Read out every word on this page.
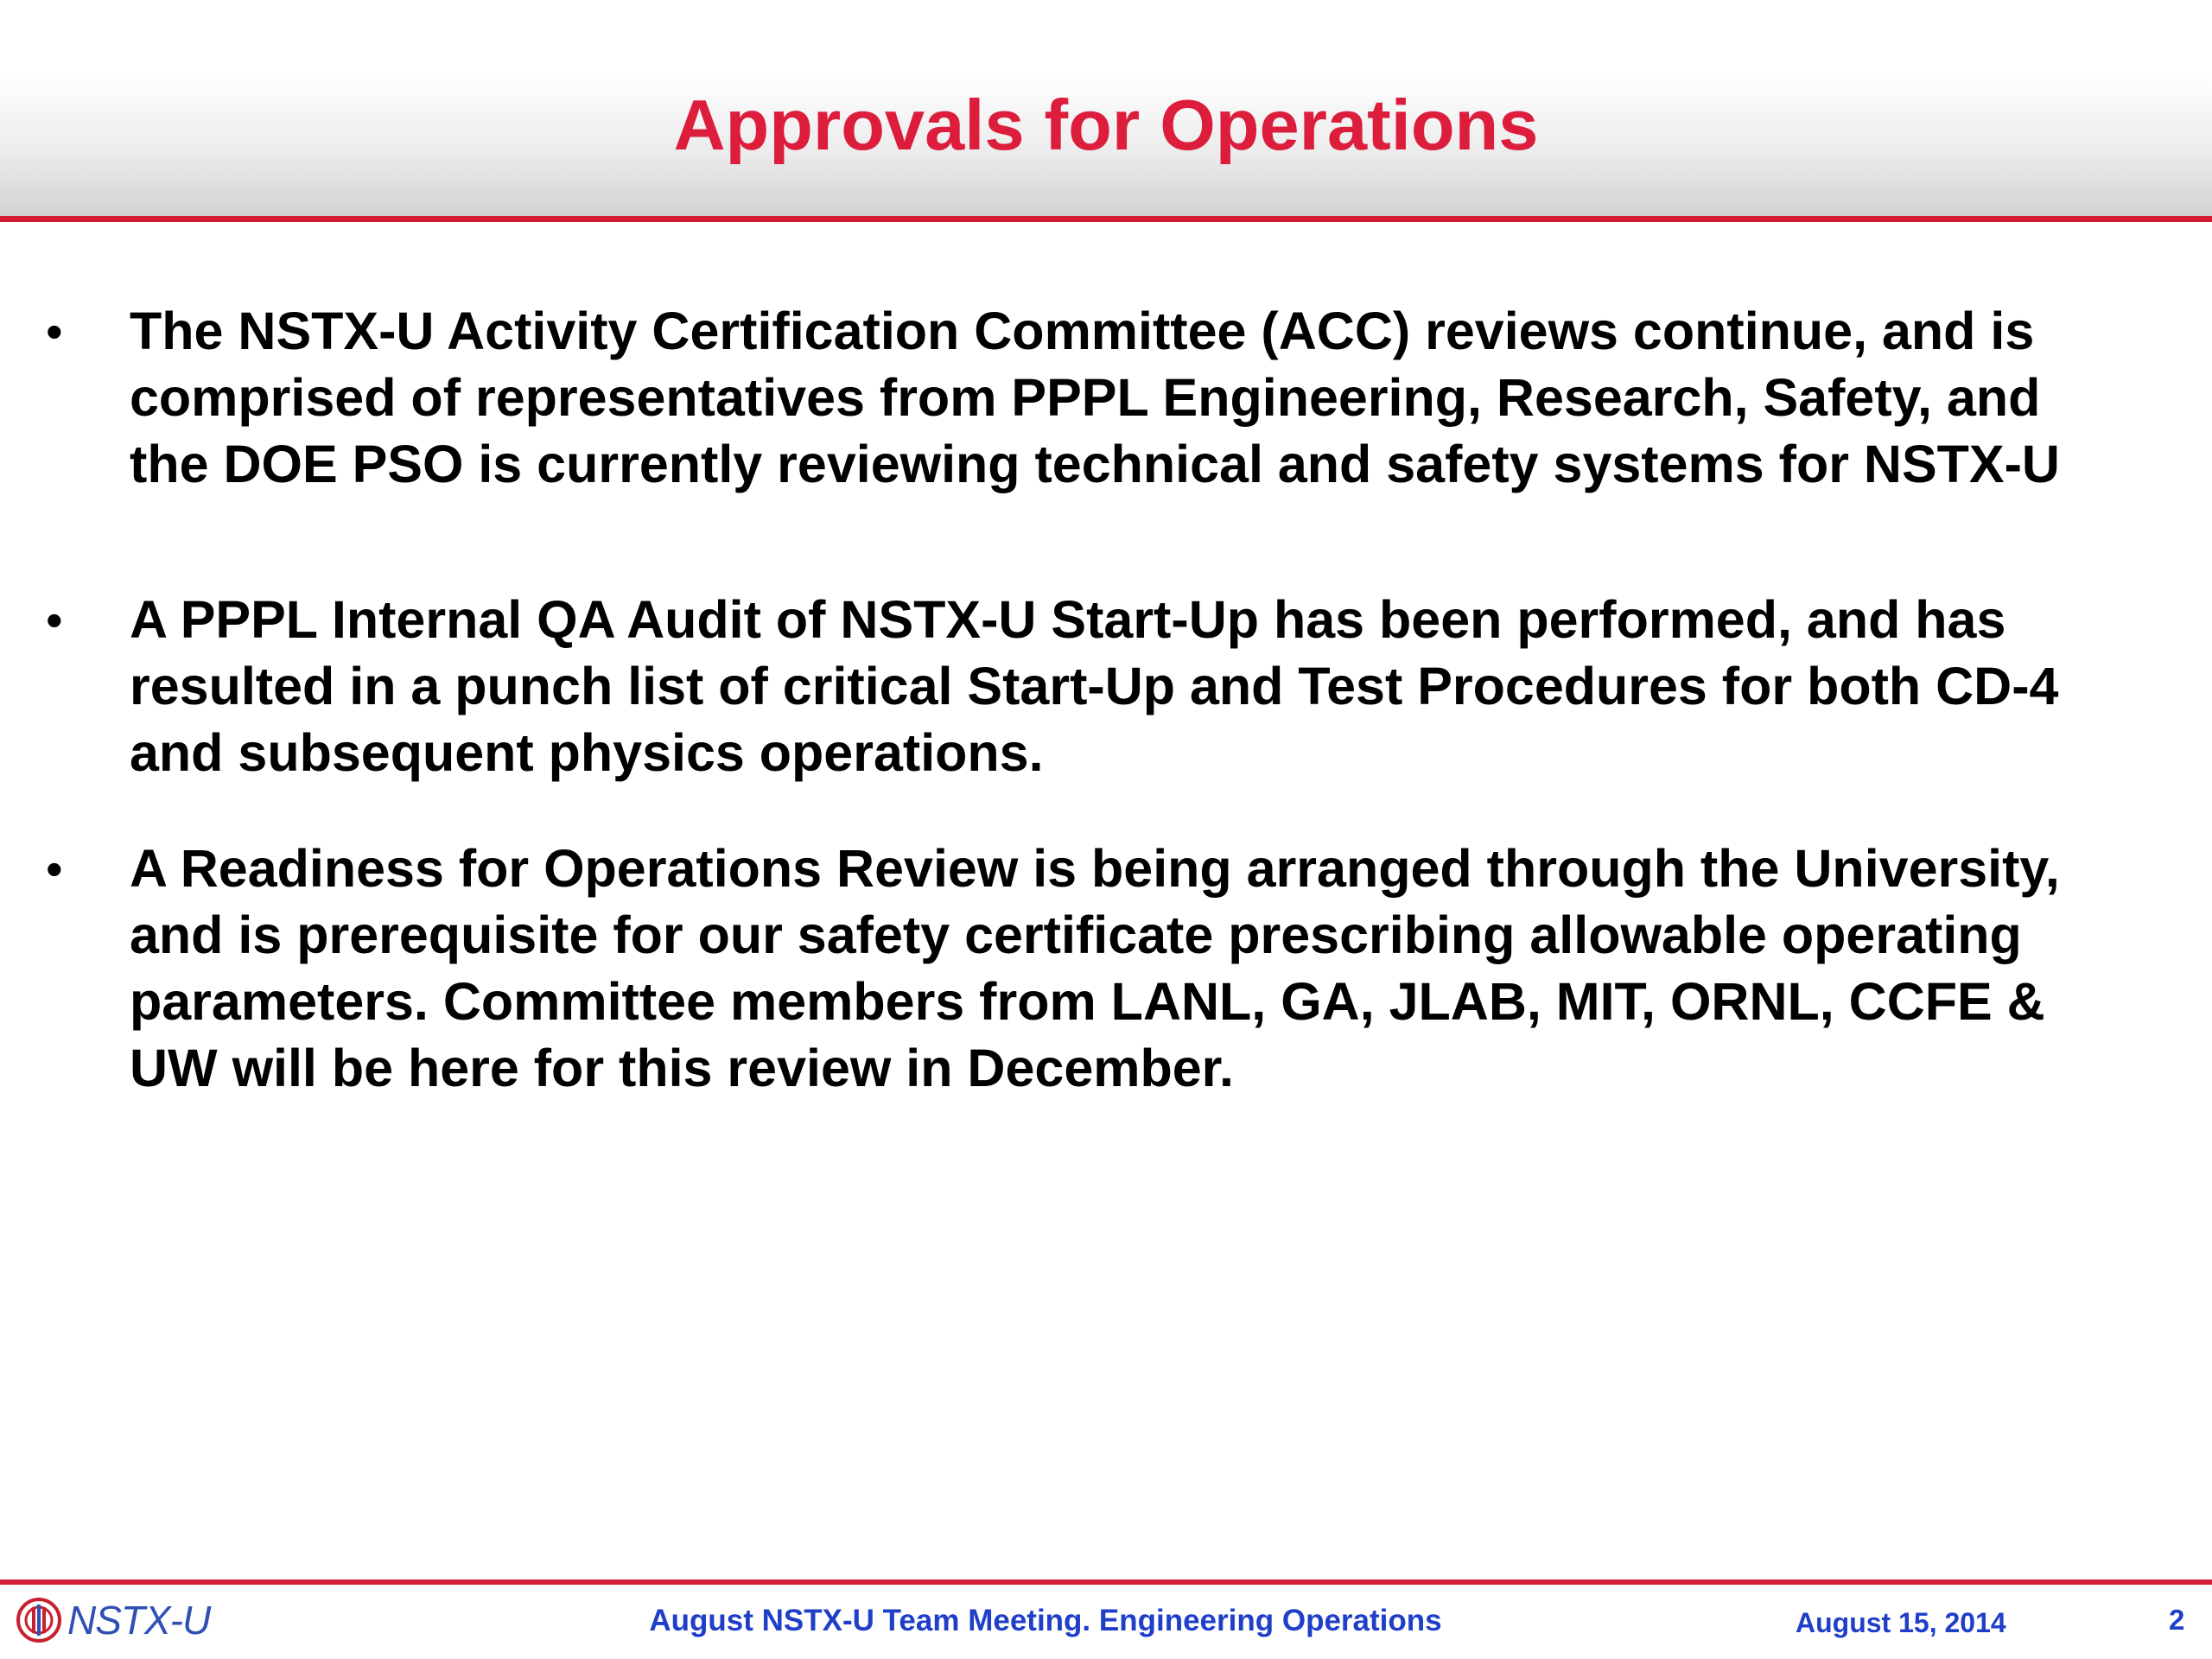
Approvals for Operations
• The NSTX-U Activity Certification Committee (ACC) reviews continue, and is
comprised of representatives from PPPL Engineering, Research, Safety, and
the DOE PSO is currently reviewing technical and safety systems for NSTX-U
• A PPPL Internal QA Audit of NSTX-U Start-Up has been performed, and has
resulted in a punch list of critical Start-Up and Test Procedures for both CD-4
and subsequent physics operations.
• A Readiness for Operations Review is being arranged through the University,
and is prerequisite for our safety certificate prescribing allowable operating
parameters. Committee members from LANL, GA, JLAB, MIT, ORNL, CCFE &
UW will be here for this review in December.
NSTX-U	August NSTX-U Team Meeting. Engineering Operations	August 15, 2014	2
